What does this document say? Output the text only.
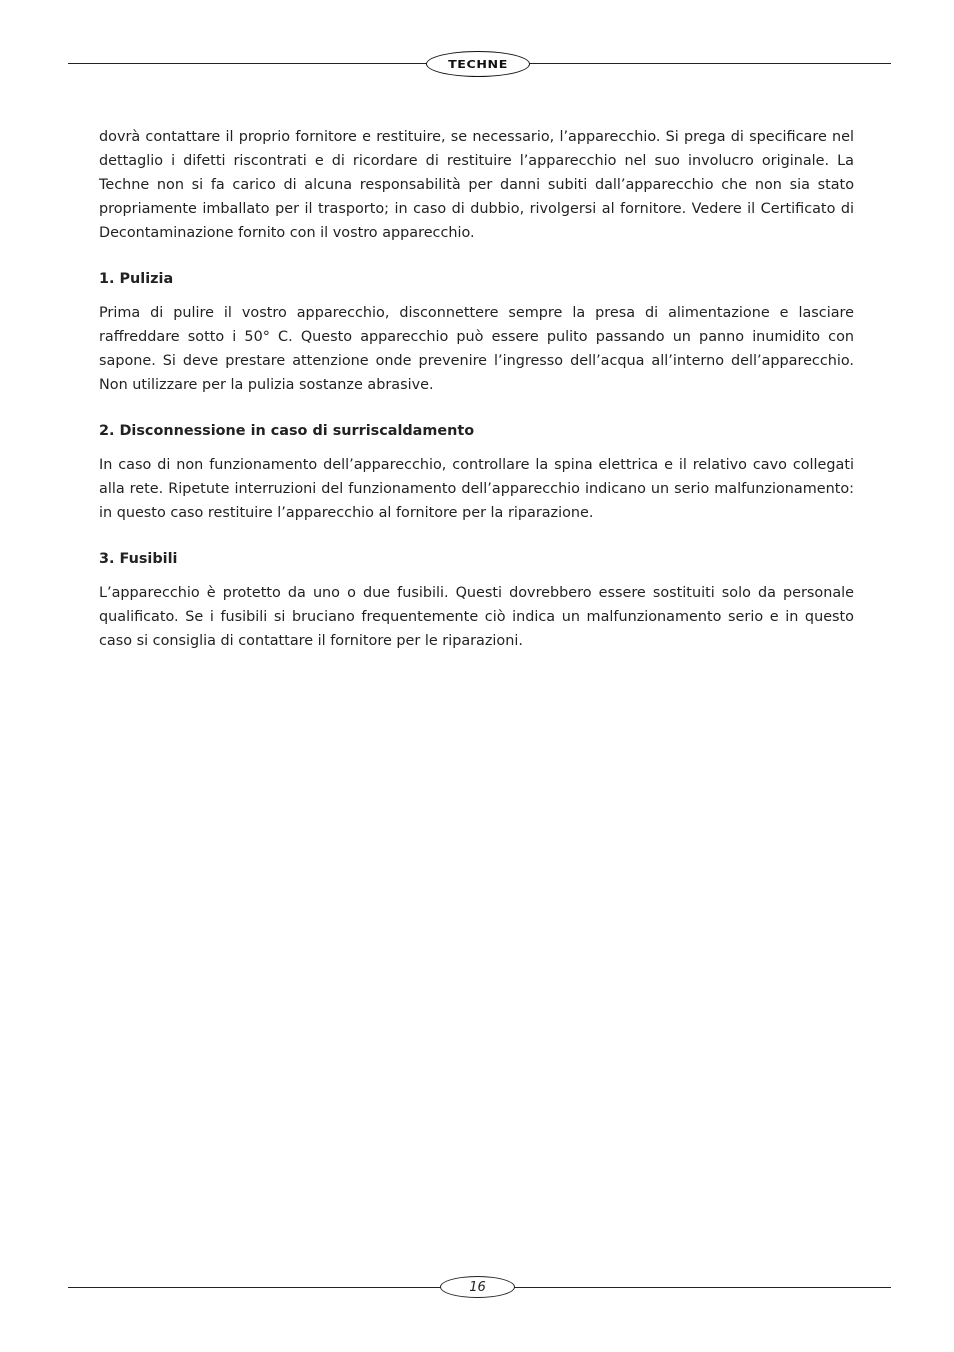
TECHNE

dovrà contattare il proprio fornitore e restituire, se necessario, l’apparecchio. Si prega di specificare nel dettaglio i difetti riscontrati e di ricordare di restituire l’apparecchio nel suo involucro originale. La Techne non si fa carico di alcuna responsabilità per danni subiti dall’apparecchio che non sia stato propriamente imballato per il trasporto; in caso di dubbio, rivolgersi al fornitore. Vedere il Certificato di Decontaminazione fornito con il vostro apparecchio.

1. Pulizia

Prima di pulire il vostro apparecchio, disconnettere sempre la presa di alimentazione e lasciare raffreddare sotto i 50° C. Questo apparecchio può essere pulito passando un panno inumidito con sapone. Si deve prestare attenzione onde prevenire l’ingresso dell’acqua all’interno dell’apparecchio. Non utilizzare per la pulizia sostanze abrasive.

2. Disconnessione in caso di surriscaldamento

In caso di non funzionamento dell’apparecchio, controllare la spina elettrica e il relativo cavo collegati alla rete. Ripetute interruzioni del funzionamento dell’apparecchio indicano un serio malfunzionamento: in questo caso restituire l’apparecchio al fornitore per la riparazione.

3. Fusibili

L’apparecchio è protetto da uno o due fusibili. Questi dovrebbero essere sostituiti solo da personale qualificato. Se i fusibili si bruciano frequentemente ciò indica un malfunzionamento serio e in questo caso si consiglia di contattare il fornitore per le riparazioni.

16
